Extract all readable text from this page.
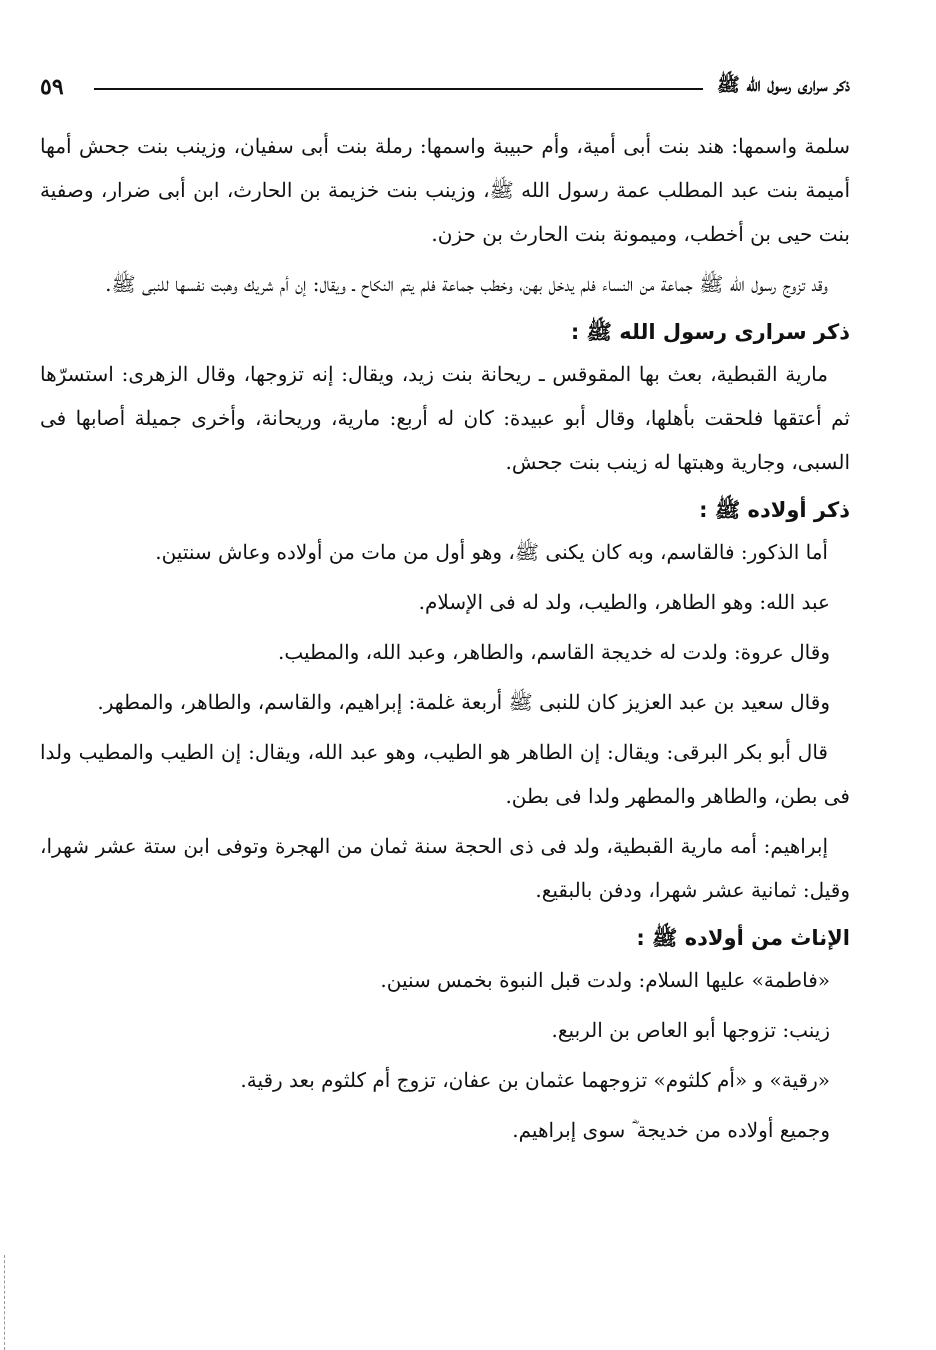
ذكر سرارى رسول الله ﷺ
٥٩

سلمة واسمها: هند بنت أبى أمية، وأم حبيبة واسمها: رملة بنت أبى سفيان، وزينب بنت جحش أمها أميمة بنت عبد المطلب عمة رسول الله ﷺ، وزينب بنت خزيمة بن الحارث، ابن أبى ضرار، وصفية بنت حيى بن أخطب، وميمونة بنت الحارث بن حزن.

وقد تزوج رسول الله ﷺ جماعة من النساء فلم يدخل بهن، وخطب جماعة فلم يتم النكاح ـ ويقال: إن أم شريك وهبت نفسها للنبى ﷺ.

ذكر سرارى رسول الله ﷺ :

مارية القبطية، بعث بها المقوقس ـ ريحانة بنت زيد، ويقال: إنه تزوجها، وقال الزهرى: استسرّها ثم أعتقها فلحقت بأهلها، وقال أبو عبيدة: كان له أربع: مارية، وريحانة، وأخرى جميلة أصابها فى السبى، وجارية وهبتها له زينب بنت جحش.

ذكر أولاده ﷺ :

أما الذكور: فالقاسم، وبه كان يكنى ﷺ، وهو أول من مات من أولاده وعاش سنتين.

عبد الله: وهو الطاهر، والطيب، ولد له فى الإسلام.

وقال عروة: ولدت له خديجة القاسم، والطاهر، وعبد الله، والمطيب.

وقال سعيد بن عبد العزيز كان للنبى ﷺ أربعة غلمة: إبراهيم، والقاسم، والطاهر، والمطهر.

قال أبو بكر البرقى: ويقال: إن الطاهر هو الطيب، وهو عبد الله، ويقال: إن الطيب والمطيب ولدا فى بطن، والطاهر والمطهر ولدا فى بطن.

إبراهيم: أمه مارية القبطية، ولد فى ذى الحجة سنة ثمان من الهجرة وتوفى ابن ستة عشر شهرا، وقيل: ثمانية عشر شهرا، ودفن بالبقيع.

الإناث من أولاده ﷺ :

«فاطمة» عليها السلام: ولدت قبل النبوة بخمس سنين.

زينب: تزوجها أبو العاص بن الربيع.

«رقية» و «أم كلثوم» تزوجهما عثمان بن عفان، تزوج أم كلثوم بعد رقية.

وجميع أولاده من خديجة ؓ سوى إبراهيم.
